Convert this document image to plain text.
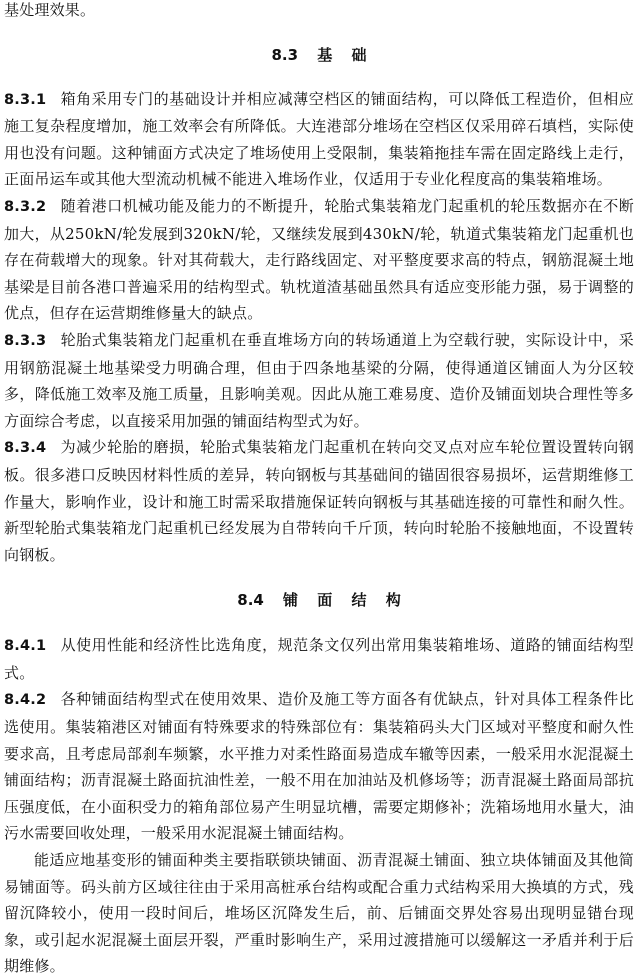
基处理效果。

8.3 基 础

8.3.1 箱角采用专门的基础设计并相应减薄空档区的铺面结构，可以降低工程造价，但相应施工复杂程度增加，施工效率会有所降低。大连港部分堆场在空档区仅采用碎石填档，实际使用也没有问题。这种铺面方式决定了堆场使用上受限制，集装箱拖挂车需在固定路线上走行，正面吊运车或其他大型流动机械不能进入堆场作业，仅适用于专业化程度高的集装箱堆场。

8.3.2 随着港口机械功能及能力的不断提升，轮胎式集装箱龙门起重机的轮压数据亦在不断加大，从250kN/轮发展到320kN/轮，又继续发展到430kN/轮，轨道式集装箱龙门起重机也存在荷载增大的现象。针对其荷载大，走行路线固定、对平整度要求高的特点，钢筋混凝土地基梁是目前各港口普遍采用的结构型式。轨枕道渣基础虽然具有适应变形能力强，易于调整的优点，但存在运营期维修量大的缺点。

8.3.3 轮胎式集装箱龙门起重机在垂直堆场方向的转场通道上为空载行驶，实际设计中，采用钢筋混凝土地基梁受力明确合理，但由于四条地基梁的分隔，使得通道区铺面人为分区较多，降低施工效率及施工质量，且影响美观。因此从施工难易度、造价及铺面划块合理性等多方面综合考虑，以直接采用加强的铺面结构型式为好。

8.3.4 为减少轮胎的磨损，轮胎式集装箱龙门起重机在转向交叉点对应车轮位置设置转向钢板。很多港口反映因材料性质的差异，转向钢板与其基础间的锚固很容易损坏，运营期维修工作量大，影响作业，设计和施工时需采取措施保证转向钢板与其基础连接的可靠性和耐久性。新型轮胎式集装箱龙门起重机已经发展为自带转向千斤顶，转向时轮胎不接触地面，不设置转向钢板。

8.4 铺 面 结 构

8.4.1 从使用性能和经济性比选角度，规范条文仅列出常用集装箱堆场、道路的铺面结构型式。

8.4.2 各种铺面结构型式在使用效果、造价及施工等方面各有优缺点，针对具体工程条件比选使用。集装箱港区对铺面有特殊要求的特殊部位有：集装箱码头大门区域对平整度和耐久性要求高，且考虑局部刹车频繁，水平推力对柔性路面易造成车辙等因素，一般采用水泥混凝土铺面结构；沥青混凝土路面抗油性差，一般不用在加油站及机修场等；沥青混凝土路面局部抗压强度低，在小面积受力的箱角部位易产生明显坑槽，需要定期修补；洗箱场地用水量大，油污水需要回收处理，一般采用水泥混凝土铺面结构。

能适应地基变形的铺面种类主要指联锁块铺面、沥青混凝土铺面、独立块体铺面及其他简易铺面等。码头前方区域往往由于采用高桩承台结构或配合重力式结构采用大换填的方式，残留沉降较小，使用一段时间后，堆场区沉降发生后，前、后铺面交界处容易出现明显错台现象，或引起水泥混凝土面层开裂，严重时影响生产，采用过渡措施可以缓解这一矛盾并利于后期维修。
